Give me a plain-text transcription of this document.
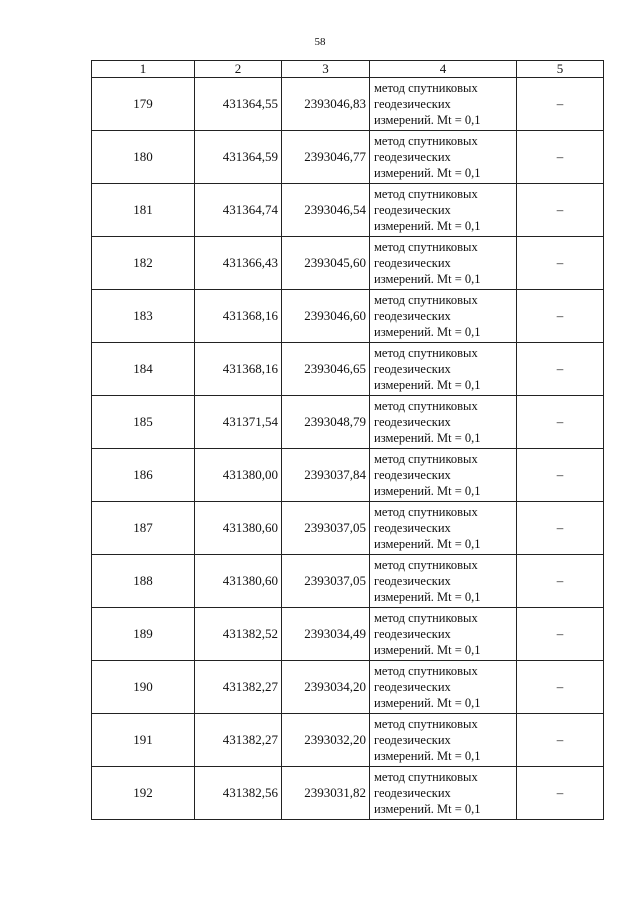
58
1	2	3	4	5
179	431364,55	2393046,83	метод спутниковых
геодезических
измерений. Mt = 0,1	–
180	431364,59	2393046,77	метод спутниковых
геодезических
измерений. Mt = 0,1	–
181	431364,74	2393046,54	метод спутниковых
геодезических
измерений. Mt = 0,1	–
182	431366,43	2393045,60	метод спутниковых
геодезических
измерений. Mt = 0,1	–
183	431368,16	2393046,60	метод спутниковых
геодезических
измерений. Mt = 0,1	–
184	431368,16	2393046,65	метод спутниковых
геодезических
измерений. Mt = 0,1	–
185	431371,54	2393048,79	метод спутниковых
геодезических
измерений. Mt = 0,1	–
186	431380,00	2393037,84	метод спутниковых
геодезических
измерений. Mt = 0,1	–
187	431380,60	2393037,05	метод спутниковых
геодезических
измерений. Mt = 0,1	–
188	431380,60	2393037,05	метод спутниковых
геодезических
измерений. Mt = 0,1	–
189	431382,52	2393034,49	метод спутниковых
геодезических
измерений. Mt = 0,1	–
190	431382,27	2393034,20	метод спутниковых
геодезических
измерений. Mt = 0,1	–
191	431382,27	2393032,20	метод спутниковых
геодезических
измерений. Mt = 0,1	–
192	431382,56	2393031,82	метод спутниковых
геодезических
измерений. Mt = 0,1	–
